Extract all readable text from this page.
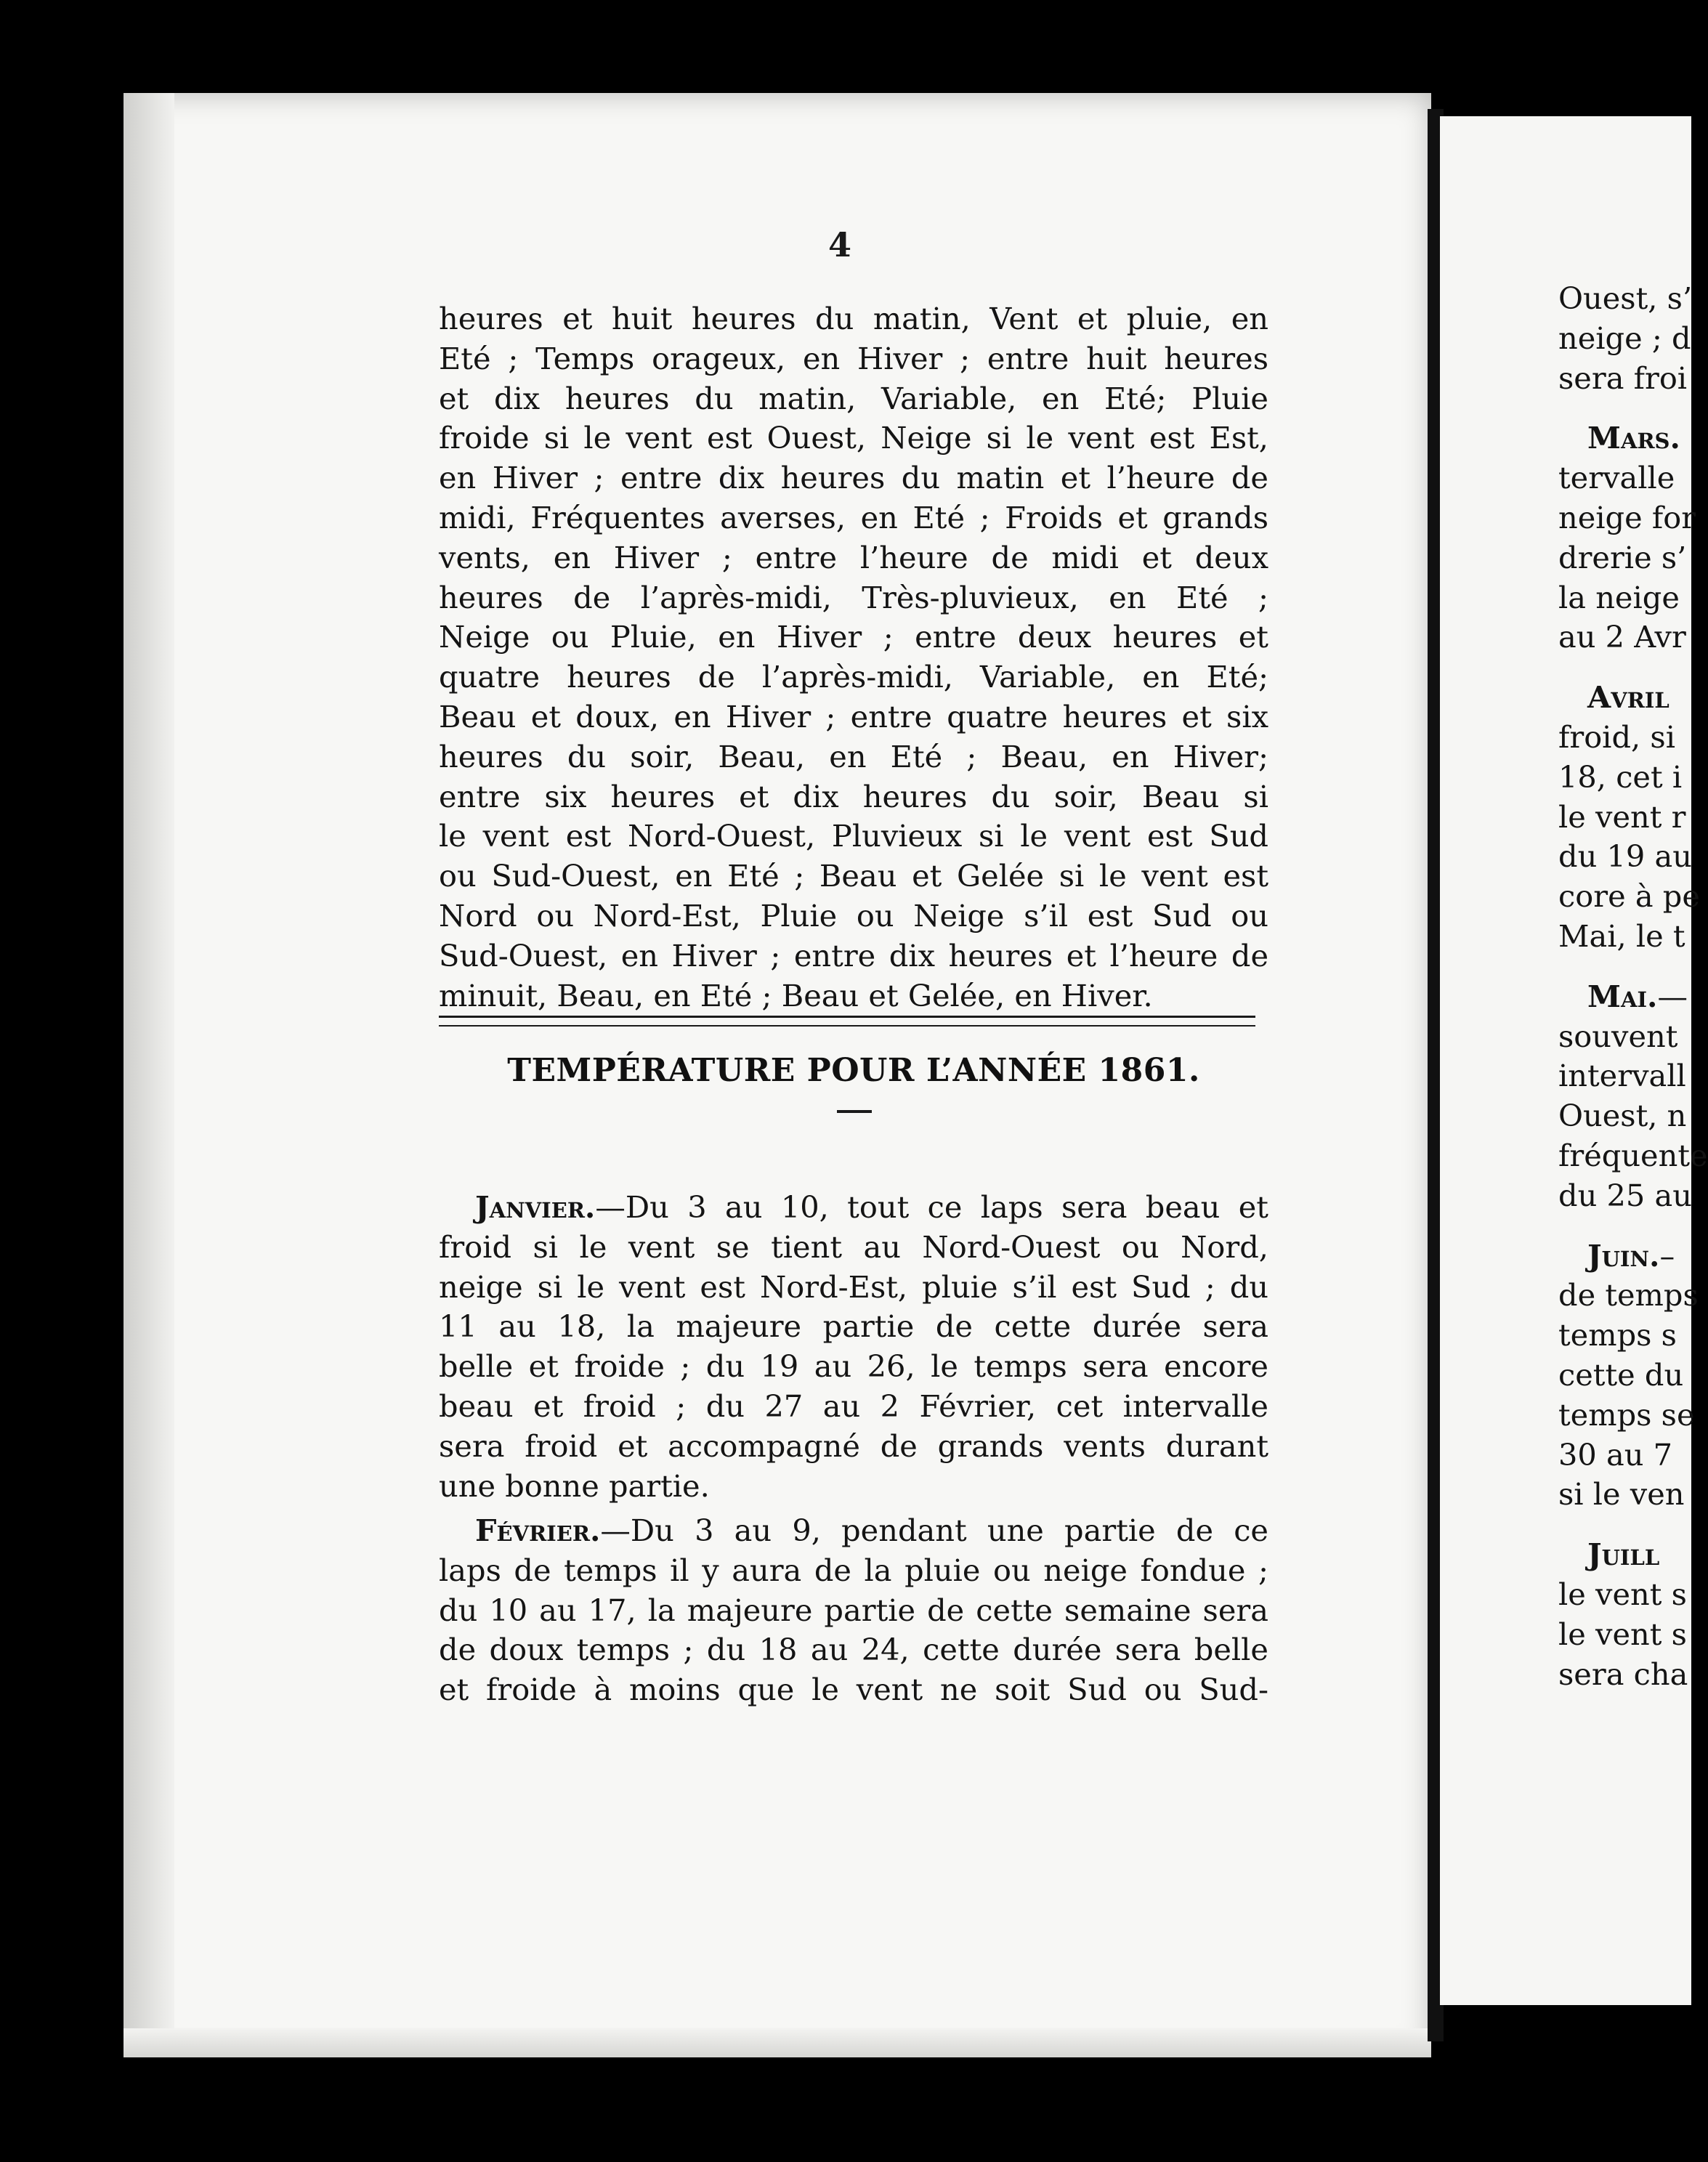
4
heures et huit heures du matin, Vent et pluie, en
Eté ; Temps orageux, en Hiver ; entre huit heures
et dix heures du matin, Variable, en Eté; Pluie
froide si le vent est Ouest, Neige si le vent est Est,
en Hiver ; entre dix heures du matin et l’heure de
midi, Fréquentes averses, en Eté ; Froids et grands
vents, en Hiver ; entre l’heure de midi et deux
heures de l’après-midi, Très-pluvieux, en Eté ;
Neige ou Pluie, en Hiver ; entre deux heures et
quatre heures de l’après-midi, Variable, en Eté;
Beau et doux, en Hiver ; entre quatre heures et six
heures du soir, Beau, en Eté ; Beau, en Hiver;
entre six heures et dix heures du soir, Beau si
le vent est Nord-Ouest, Pluvieux si le vent est Sud
ou Sud-Ouest, en Eté ; Beau et Gelée si le vent est
Nord ou Nord-Est, Pluie ou Neige s’il est Sud ou
Sud-Ouest, en Hiver ; entre dix heures et l’heure de
minuit, Beau, en Eté ; Beau et Gelée, en Hiver.
TEMPÉRATURE POUR L’ANNÉE 1861.
Janvier.—Du 3 au 10, tout ce laps sera beau et
froid si le vent se tient au Nord-Ouest ou Nord,
neige si le vent est Nord-Est, pluie s’il est Sud ; du
11 au 18, la majeure partie de cette durée sera
belle et froide ; du 19 au 26, le temps sera encore
beau et froid ; du 27 au 2 Février, cet intervalle
sera froid et accompagné de grands vents durant
une bonne partie.
Février.—Du 3 au 9, pendant une partie de ce
laps de temps il y aura de la pluie ou neige fondue ;
du 10 au 17, la majeure partie de cette semaine sera
de doux temps ; du 18 au 24, cette durée sera belle
et froide à moins que le vent ne soit Sud ou Sud-
Ouest, s’
neige ; d
sera froi
Mars.
tervalle
neige for
drerie s’
la neige
au 2 Avr
Avril
froid, si
18, cet i
le vent r
du 19 au
core à pe
Mai, le t
Mai.—
souvent
intervall
Ouest, n
fréquente
du 25 au
Juin.–
de temps
temps s
cette du
temps se
30 au 7
si le ven
Juill
le vent s
le vent s
sera cha
